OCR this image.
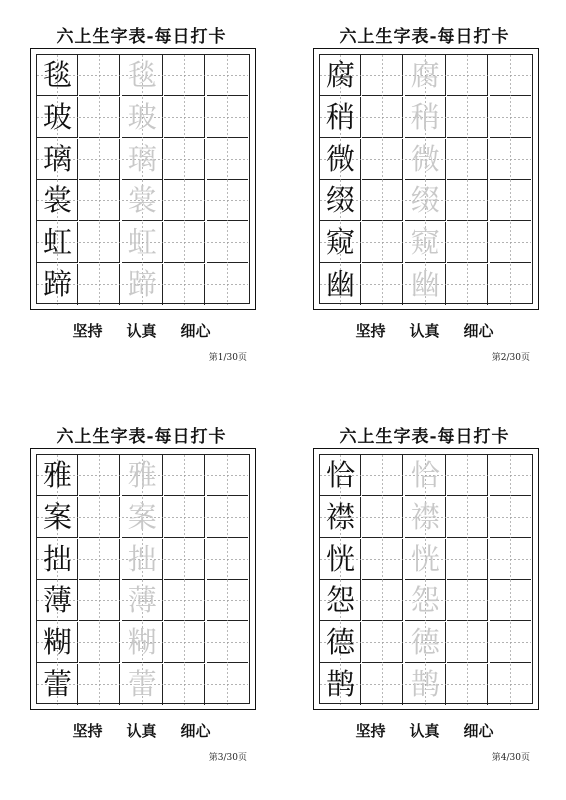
六上生字表-每日打卡
毯 毯
玻 玻
璃 璃
裳 裳
虹 虹
蹄 蹄
坚持 认真 细心
第1/30页
六上生字表-每日打卡
腐 腐
稍 稍
微 微
缀 缀
窥 窥
幽 幽
坚持 认真 细心
第2/30页
六上生字表-每日打卡
雅 雅
案 案
拙 拙
薄 薄
糊 糊
蕾 蕾
坚持 认真 细心
第3/30页
六上生字表-每日打卡
恰 恰
襟 襟
恍 恍
怨 怨
德 德
鹊 鹊
坚持 认真 细心
第4/30页
